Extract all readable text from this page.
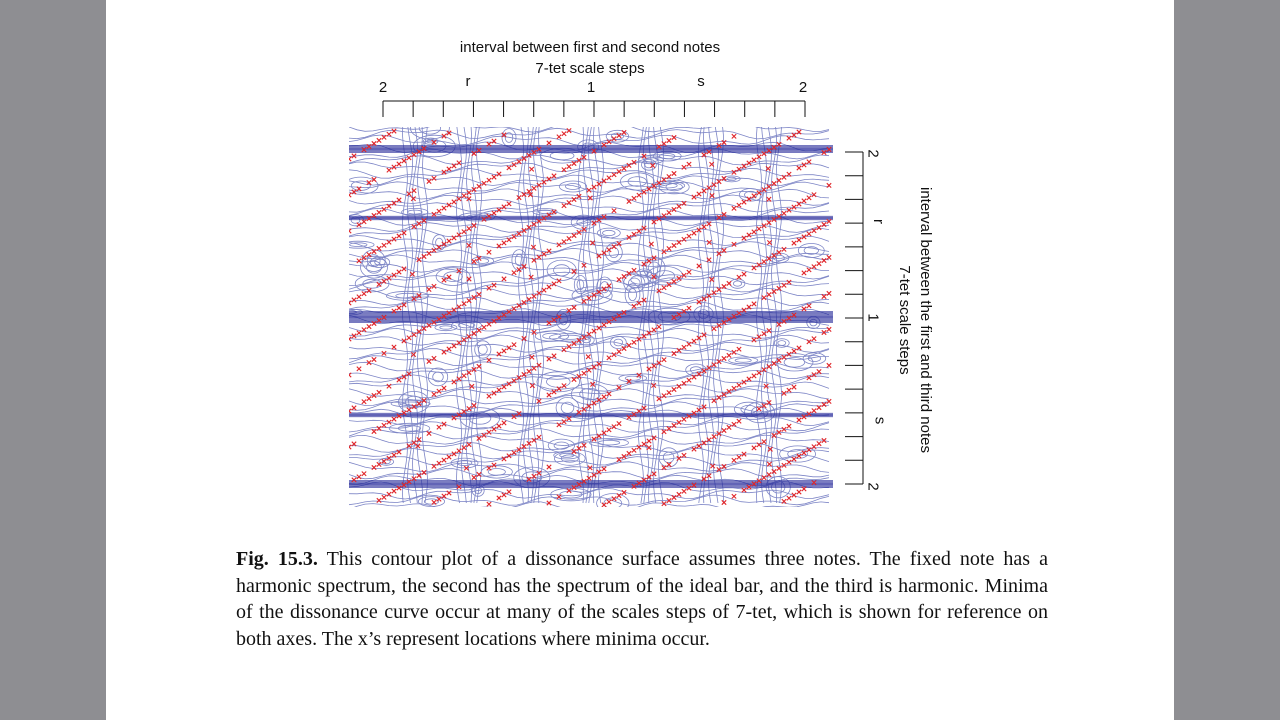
interval between first and second notes
7-tet scale steps
2	r	1	s	2
2
r
1
s
2
interval between the first and third notes
7-tet scale steps
Fig. 15.3. This contour plot of a dissonance surface assumes three notes. The fixed note has a harmonic spectrum, the second has the spectrum of the ideal bar, and the third is harmonic. Minima of the dissonance curve occur at many of the scales steps of 7-tet, which is shown for reference on both axes. The x’s represent locations where minima occur.
